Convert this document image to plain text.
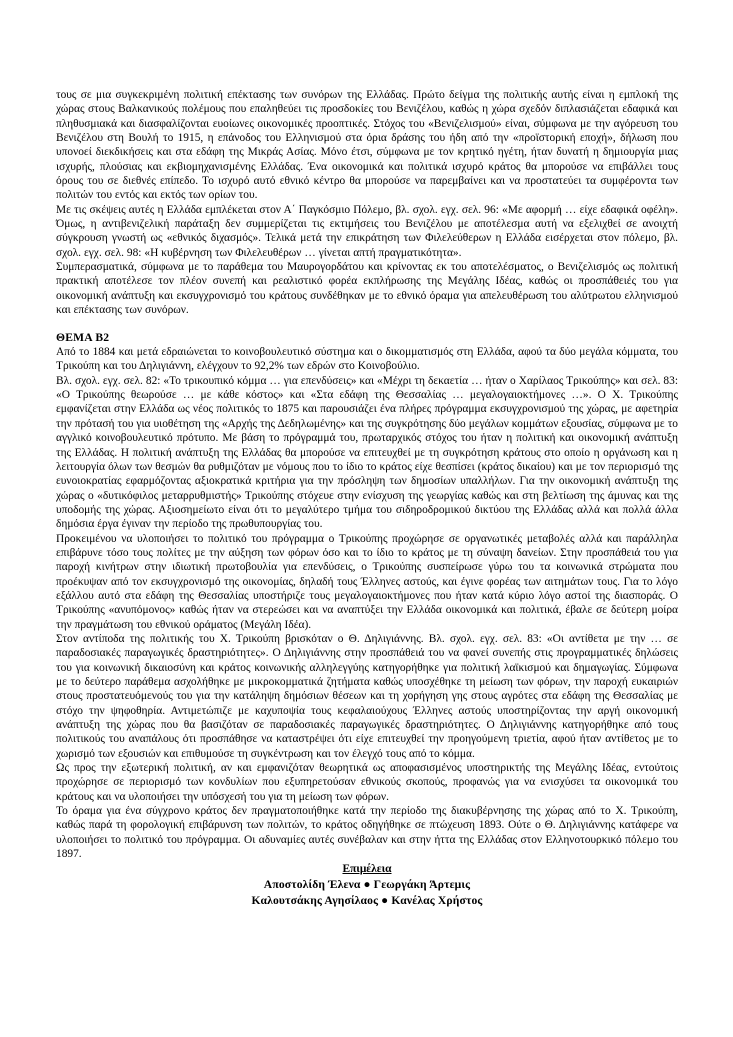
τους σε μια συγκεκριμένη πολιτική επέκτασης των συνόρων της Ελλάδας. Πρώτο δείγμα της πολιτικής αυτής είναι η εμπλοκή της χώρας στους Βαλκανικούς πολέμους που επαληθεύει τις προσδοκίες του Βενιζέλου, καθώς η χώρα σχεδόν διπλασιάζεται εδαφικά και πληθυσμιακά και διασφαλίζονται ευοίωνες οικονομικές προοπτικές. Στόχος του «Βενιζελισμού» είναι, σύμφωνα με την αγόρευση του Βενιζέλου στη Βουλή το 1915, η επάνοδος του Ελληνισμού στα όρια δράσης του ήδη από την «προϊστορική εποχή», δήλωση που υπονοεί διεκδικήσεις και στα εδάφη της Μικράς Ασίας. Μόνο έτσι, σύμφωνα με τον κρητικό ηγέτη, ήταν δυνατή η δημιουργία μιας ισχυρής, πλούσιας και εκβιομηχανισμένης Ελλάδας. Ένα οικονομικά και πολιτικά ισχυρό κράτος θα μπορούσε να επιβάλλει τους όρους του σε διεθνές επίπεδο. Το ισχυρό αυτό εθνικό κέντρο θα μπορούσε να παρεμβαίνει και να προστατεύει τα συμφέροντα των πολιτών του εντός και εκτός των ορίων του.

Με τις σκέψεις αυτές η Ελλάδα εμπλέκεται στον Α΄ Παγκόσμιο Πόλεμο, βλ. σχολ. εγχ. σελ. 96: «Με αφορμή … είχε εδαφικά οφέλη». Όμως, η αντιβενιζελική παράταξη δεν συμμερίζεται τις εκτιμήσεις του Βενιζέλου με αποτέλεσμα αυτή να εξελιχθεί σε ανοιχτή σύγκρουση γνωστή ως «εθνικός διχασμός». Τελικά μετά την επικράτηση των Φιλελεύθερων η Ελλάδα εισέρχεται στον πόλεμο, βλ. σχολ. εγχ. σελ. 98: «Η κυβέρνηση των Φιλελευθέρων … γίνεται απτή πραγματικότητα».

Συμπερασματικά, σύμφωνα με το παράθεμα του Μαυρογορδάτου και κρίνοντας εκ του αποτελέσματος, ο Βενιζελισμός ως πολιτική πρακτική αποτέλεσε τον πλέον συνεπή και ρεαλιστικό φορέα εκπλήρωσης της Μεγάλης Ιδέας, καθώς οι προσπάθειές του για οικονομική ανάπτυξη και εκσυγχρονισμό του κράτους συνδέθηκαν με το εθνικό όραμα για απελευθέρωση του αλύτρωτου ελληνισμού και επέκτασης των συνόρων.

ΘΕΜΑ Β2

Από το 1884 και μετά εδραιώνεται το κοινοβουλευτικό σύστημα και ο δικομματισμός στη Ελλάδα, αφού τα δύο μεγάλα κόμματα, του Τρικούπη και του Δηλιγιάννη, ελέγχουν το 92,2% των εδρών στο Κοινοβούλιο.

Βλ. σχολ. εγχ. σελ. 82: «Το τρικουπικό κόμμα … για επενδύσεις» και «Μέχρι τη δεκαετία … ήταν ο Χαρίλαος Τρικούπης» και σελ. 83: «Ο Τρικούπης θεωρούσε … με κάθε κόστος» και «Στα εδάφη της Θεσσαλίας … μεγαλογαιοκτήμονες …». Ο Χ. Τρικούπης εμφανίζεται στην Ελλάδα ως νέος πολιτικός το 1875 και παρουσιάζει ένα πλήρες πρόγραμμα εκσυγχρονισμού της χώρας, με αφετηρία την πρότασή του για υιοθέτηση της «Αρχής της Δεδηλωμένης» και της συγκρότησης δύο μεγάλων κομμάτων εξουσίας, σύμφωνα με το αγγλικό κοινοβουλευτικό πρότυπο. Με βάση το πρόγραμμά του, πρωταρχικός στόχος του ήταν η πολιτική και οικονομική ανάπτυξη της Ελλάδας. Η πολιτική ανάπτυξη της Ελλάδας θα μπορούσε να επιτευχθεί με τη συγκρότηση κράτους στο οποίο η οργάνωση και η λειτουργία όλων των θεσμών θα ρυθμιζόταν με νόμους που το ίδιο το κράτος είχε θεσπίσει (κράτος δικαίου) και με τον περιορισμό της ευνοιοκρατίας εφαρμόζοντας αξιοκρατικά κριτήρια για την πρόσληψη των δημοσίων υπαλλήλων. Για την οικονομική ανάπτυξη της χώρας ο «δυτικόφιλος μεταρρυθμιστής» Τρικούπης στόχευε στην ενίσχυση της γεωργίας καθώς και στη βελτίωση της άμυνας και της υποδομής της χώρας. Αξιοσημείωτο είναι ότι το μεγαλύτερο τμήμα του σιδηροδρομικού δικτύου της Ελλάδας αλλά και πολλά άλλα δημόσια έργα έγιναν την περίοδο της πρωθυπουργίας του.

Προκειμένου να υλοποιήσει το πολιτικό του πρόγραμμα ο Τρικούπης προχώρησε σε οργανωτικές μεταβολές αλλά και παράλληλα επιβάρυνε τόσο τους πολίτες με την αύξηση των φόρων όσο και το ίδιο το κράτος με τη σύναψη δανείων. Στην προσπάθειά του για παροχή κινήτρων στην ιδιωτική πρωτοβουλία για επενδύσεις, ο Τρικούπης συσπείρωσε γύρω του τα κοινωνικά στρώματα που προέκυψαν από τον εκσυγχρονισμό της οικονομίας, δηλαδή τους Έλληνες αστούς, και έγινε φορέας των αιτημάτων τους. Για το λόγο εξάλλου αυτό στα εδάφη της Θεσσαλίας υποστήριζε τους μεγαλογαιοκτήμονες που ήταν κατά κύριο λόγο αστοί της διασποράς. Ο Τρικούπης «ανυπόμονος» καθώς ήταν να στερεώσει και να αναπτύξει την Ελλάδα οικονομικά και πολιτικά, έβαλε σε δεύτερη μοίρα την πραγμάτωση του εθνικού οράματος (Μεγάλη Ιδέα).

Στον αντίποδα της πολιτικής του Χ. Τρικούπη βρισκόταν ο Θ. Δηλιγιάννης. Βλ. σχολ. εγχ. σελ. 83: «Οι αντίθετα με την … σε παραδοσιακές παραγωγικές δραστηριότητες». Ο Δηλιγιάννης στην προσπάθειά του να φανεί συνεπής στις προγραμματικές δηλώσεις του για κοινωνική δικαιοσύνη και κράτος κοινωνικής αλληλεγγύης κατηγορήθηκε για πολιτική λαϊκισμού και δημαγωγίας. Σύμφωνα με το δεύτερο παράθεμα ασχολήθηκε με μικροκομματικά ζητήματα καθώς υποσχέθηκε τη μείωση των φόρων, την παροχή ευκαιριών στους προστατευόμενούς του για την κατάληψη δημόσιων θέσεων και τη χορήγηση γης στους αγρότες στα εδάφη της Θεσσαλίας με στόχο την ψηφοθηρία. Αντιμετώπιζε με καχυποψία τους κεφαλαιούχους Έλληνες αστούς υποστηρίζοντας την αργή οικονομική ανάπτυξη της χώρας που θα βασιζόταν σε παραδοσιακές παραγωγικές δραστηριότητες. Ο Δηλιγιάννης κατηγορήθηκε από τους πολιτικούς του αναπάλους ότι προσπάθησε να καταστρέψει ότι είχε επιτευχθεί την προηγούμενη τριετία, αφού ήταν αντίθετος με το χωρισμό των εξουσιών και επιθυμούσε τη συγκέντρωση και τον έλεγχό τους από το κόμμα.

Ως προς την εξωτερική πολιτική, αν και εμφανιζόταν θεωρητικά ως αποφασισμένος υποστηρικτής της Μεγάλης Ιδέας, εντούτοις προχώρησε σε περιορισμό των κονδυλίων που εξυπηρετούσαν εθνικούς σκοπούς, προφανώς για να ενισχύσει τα οικονομικά του κράτους και να υλοποιήσει την υπόσχεσή του για τη μείωση των φόρων.

Το όραμα για ένα σύγχρονο κράτος δεν πραγματοποιήθηκε κατά την περίοδο της διακυβέρνησης της χώρας από το Χ. Τρικούπη, καθώς παρά τη φορολογική επιβάρυνση των πολιτών, το κράτος οδηγήθηκε σε πτώχευση 1893. Ούτε ο Θ. Δηλιγιάννης κατάφερε να υλοποιήσει το πολιτικό του πρόγραμμα. Οι αδυναμίες αυτές συνέβαλαν και στην ήττα της Ελλάδας στον Ελληνοτουρκικό πόλεμο του 1897.

Επιμέλεια
Αποστολίδη Έλενα ● Γεωργάκη Άρτεμις
Καλουτσάκης Αγησίλαος ● Κανέλας Χρήστος
